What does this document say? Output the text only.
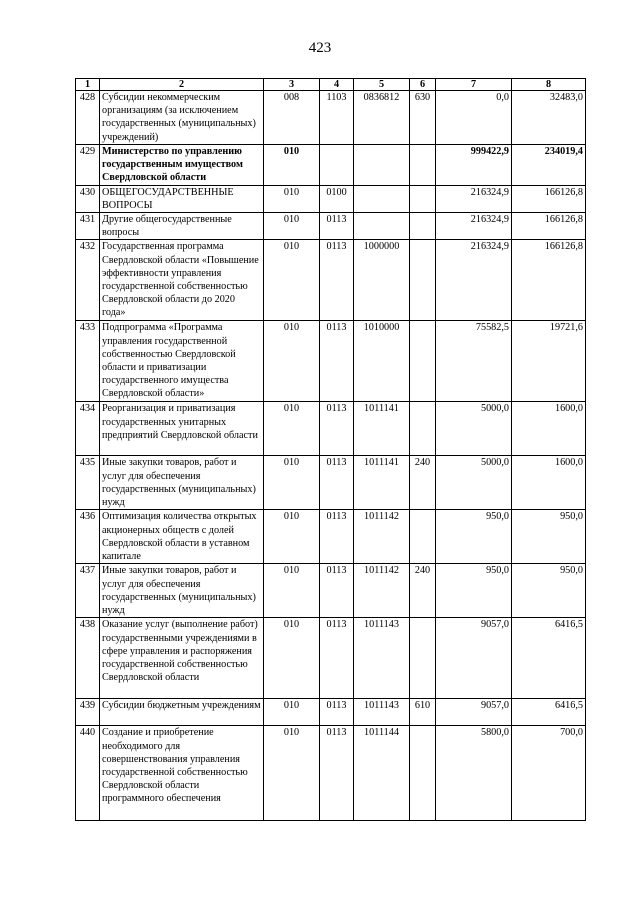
423
1	2	3	4	5	6	7	8
428	Субсидии некоммерческим организациям (за исключением государственных (муниципальных) учреждений)	008	1103	0836812	630	0,0	32483,0
429	Министерство по управлению государственным имуществом Свердловской области	010				999422,9	234019,4
430	ОБЩЕГОСУДАРСТВЕННЫЕ ВОПРОСЫ	010	0100			216324,9	166126,8
431	Другие общегосударственные вопросы	010	0113			216324,9	166126,8
432	Государственная программа Свердловской области «Повышение эффективности управления государственной собственностью Свердловской области до 2020 года»	010	0113	1000000		216324,9	166126,8
433	Подпрограмма «Программа управления государственной собственностью Свердловской области и приватизации государственного имущества Свердловской области»	010	0113	1010000		75582,5	19721,6
434	Реорганизация и приватизация государственных унитарных предприятий Свердловской области	010	0113	1011141		5000,0	1600,0
435	Иные закупки товаров, работ и услуг для обеспечения государственных (муниципальных) нужд	010	0113	1011141	240	5000,0	1600,0
436	Оптимизация количества открытых акционерных обществ с долей Свердловской области в уставном капитале	010	0113	1011142		950,0	950,0
437	Иные закупки товаров, работ и услуг для обеспечения государственных (муниципальных) нужд	010	0113	1011142	240	950,0	950,0
438	Оказание услуг (выполнение работ) государственными учреждениями в сфере управления и распоряжения государственной собственностью Свердловской области	010	0113	1011143		9057,0	6416,5
439	Субсидии бюджетным учреждениям	010	0113	1011143	610	9057,0	6416,5
440	Создание и приобретение необходимого для совершенствования управления государственной собственностью Свердловской области программного обеспечения	010	0113	1011144		5800,0	700,0
